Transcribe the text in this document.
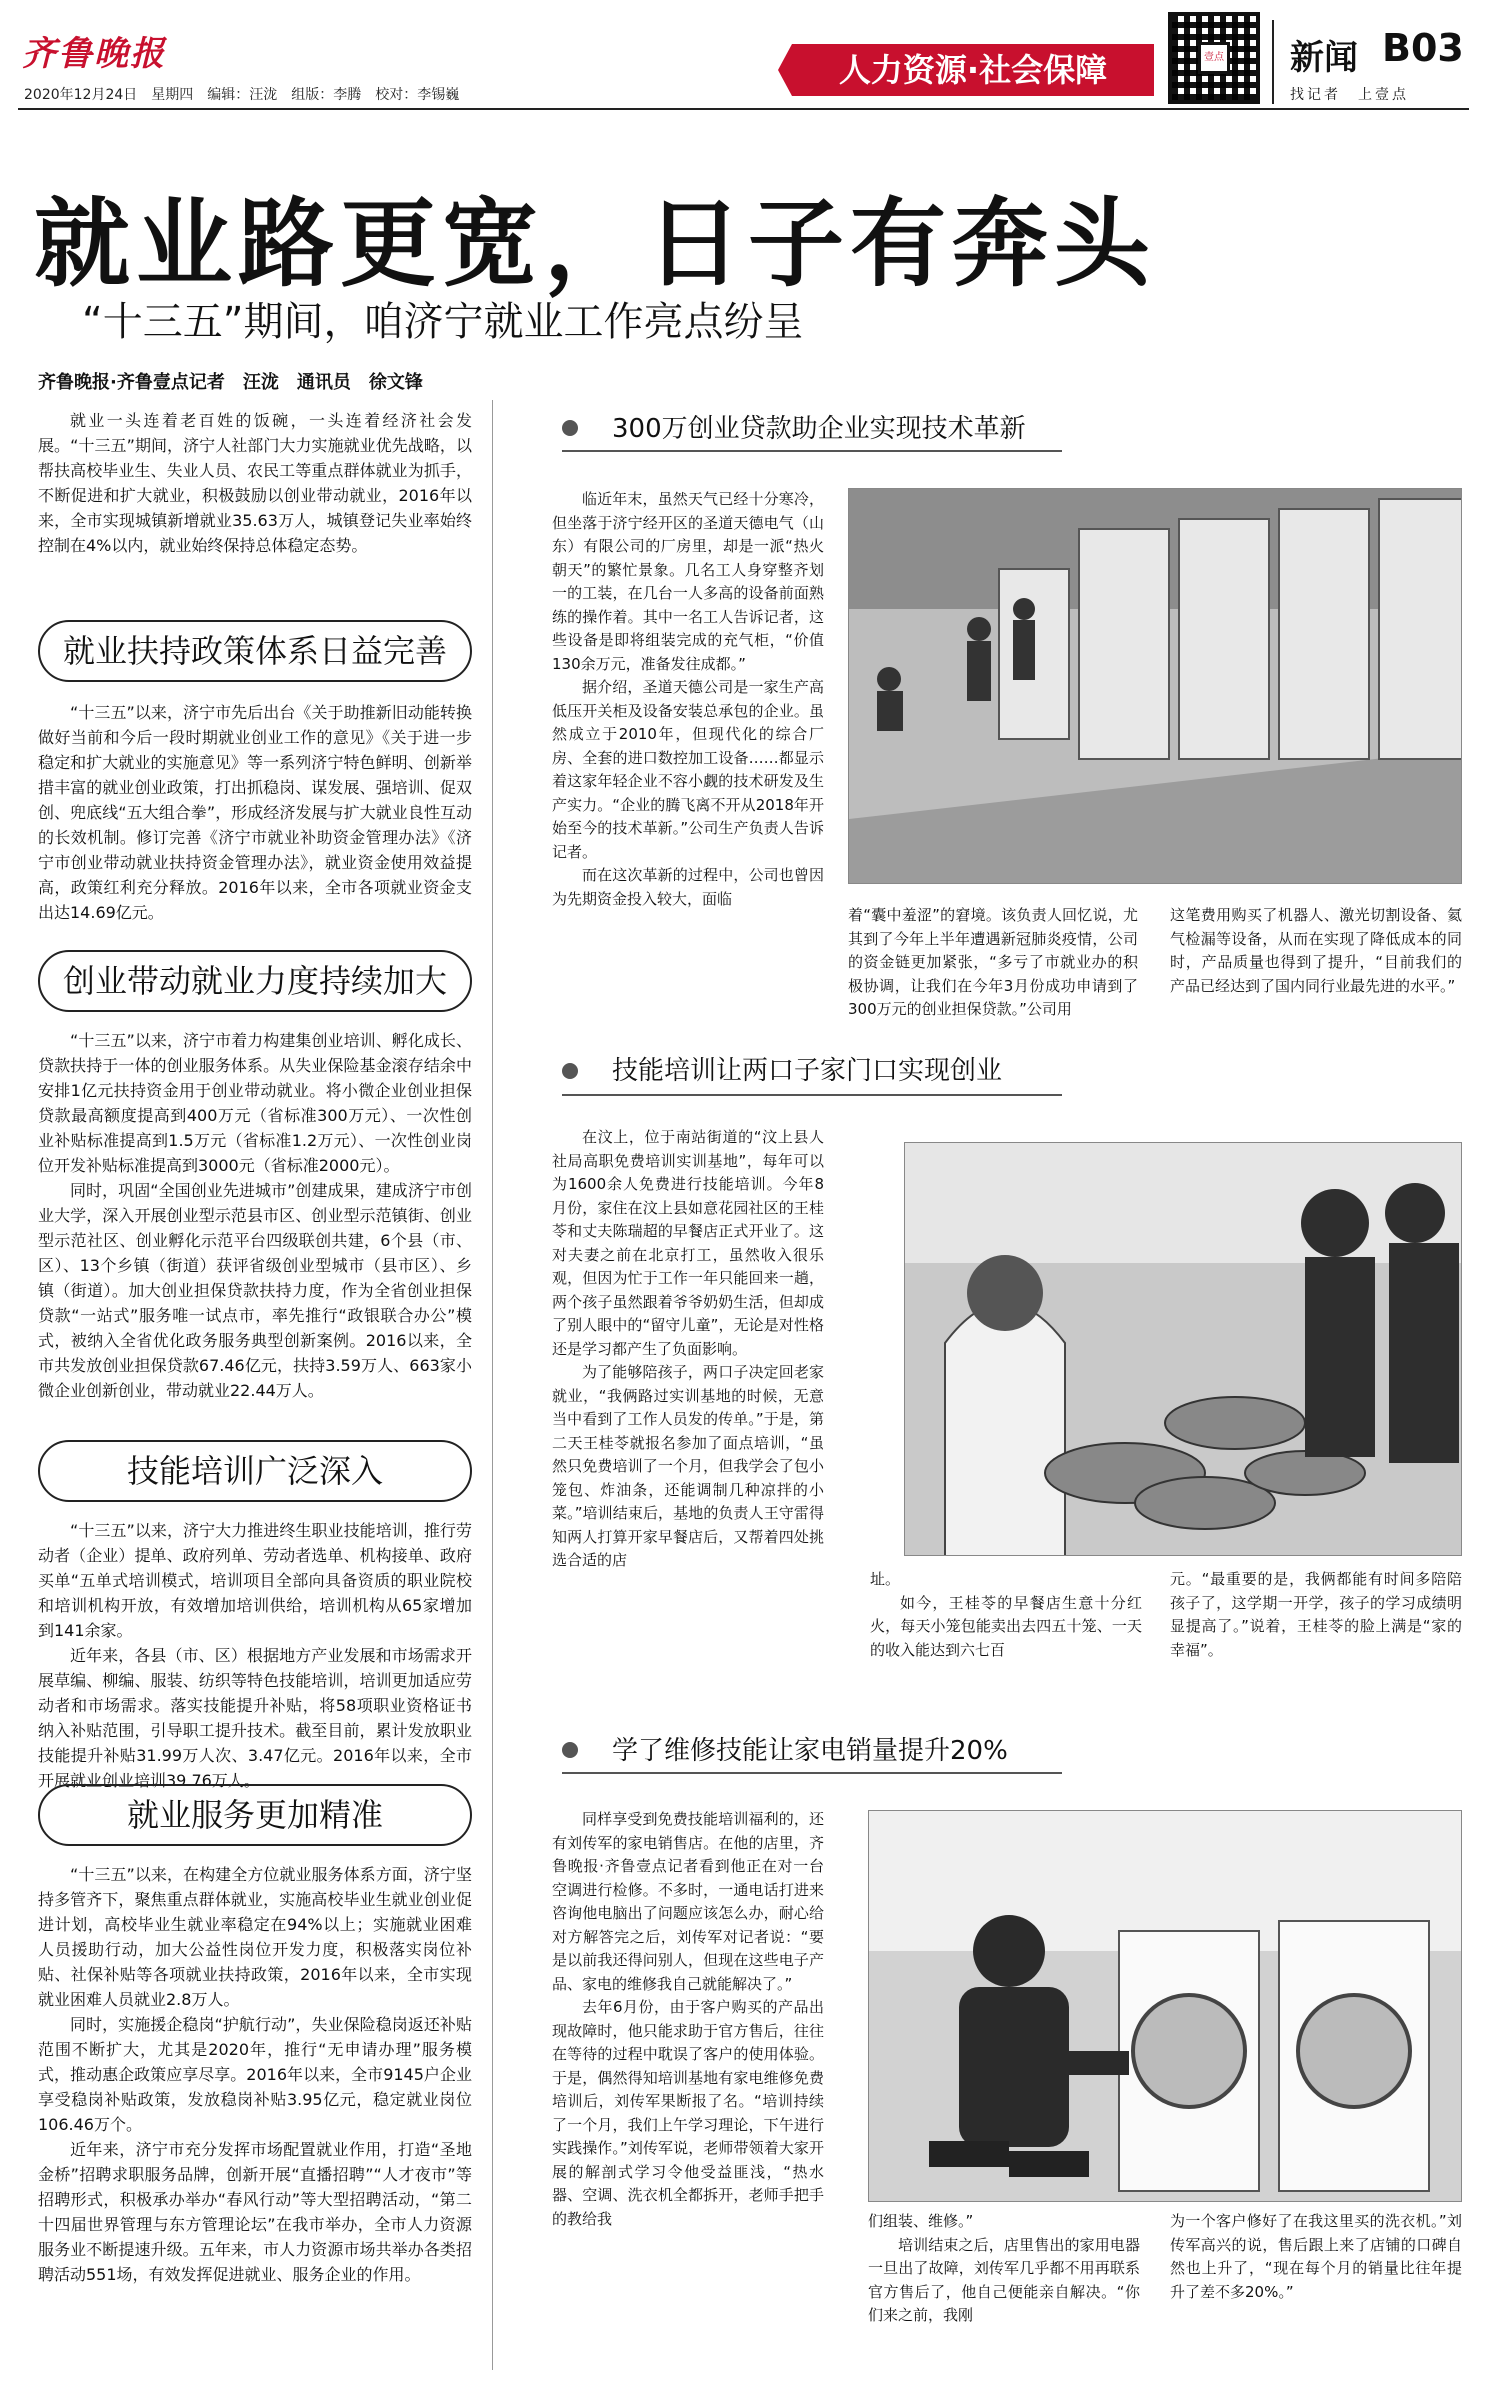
齐鲁晚报
2020年12月24日　星期四　编辑：汪泷　组版：李腾　校对：李锡巍
人力资源·社会保障	壹点 新闻 B03
找记者　上壹点
就业路更宽，日子有奔头
“十三五”期间，咱济宁就业工作亮点纷呈
齐鲁晚报·齐鲁壹点记者　汪泷　通讯员　徐文锋

就业一头连着老百姓的饭碗，一头连着经济社会发展。“十三五”期间，济宁人社部门大力实施就业优先战略，以帮扶高校毕业生、失业人员、农民工等重点群体就业为抓手，不断促进和扩大就业，积极鼓励以创业带动就业，2016年以来，全市实现城镇新增就业35.63万人，城镇登记失业率始终控制在4%以内，就业始终保持总体稳定态势。

就业扶持政策体系日益完善

“十三五”以来，济宁市先后出台《关于助推新旧动能转换做好当前和今后一段时期就业创业工作的意见》《关于进一步稳定和扩大就业的实施意见》等一系列济宁特色鲜明、创新举措丰富的就业创业政策，打出抓稳岗、谋发展、强培训、促双创、兜底线“五大组合拳”，形成经济发展与扩大就业良性互动的长效机制。修订完善《济宁市就业补助资金管理办法》《济宁市创业带动就业扶持资金管理办法》，就业资金使用效益提高，政策红利充分释放。2016年以来，全市各项就业资金支出达14.69亿元。

创业带动就业力度持续加大

“十三五”以来，济宁市着力构建集创业培训、孵化成长、贷款扶持于一体的创业服务体系。从失业保险基金滚存结余中安排1亿元扶持资金用于创业带动就业。将小微企业创业担保贷款最高额度提高到400万元（省标准300万元）、一次性创业补贴标准提高到1.5万元（省标准1.2万元）、一次性创业岗位开发补贴标准提高到3000元（省标准2000元）。

同时，巩固“全国创业先进城市”创建成果，建成济宁市创业大学，深入开展创业型示范县市区、创业型示范镇街、创业型示范社区、创业孵化示范平台四级联创共建，6个县（市、区）、13个乡镇（街道）获评省级创业型城市（县市区）、乡镇（街道）。加大创业担保贷款扶持力度，作为全省创业担保贷款“一站式”服务唯一试点市，率先推行“政银联合办公”模式，被纳入全省优化政务服务典型创新案例。2016以来，全市共发放创业担保贷款67.46亿元，扶持3.59万人、663家小微企业创新创业，带动就业22.44万人。

技能培训广泛深入

“十三五”以来，济宁大力推进终生职业技能培训，推行劳动者（企业）提单、政府列单、劳动者选单、机构接单、政府买单“五单式培训模式，培训项目全部向具备资质的职业院校和培训机构开放，有效增加培训供给，培训机构从65家增加到141余家。

近年来，各县（市、区）根据地方产业发展和市场需求开展草编、柳编、服装、纺织等特色技能培训，培训更加适应劳动者和市场需求。落实技能提升补贴，将58项职业资格证书纳入补贴范围，引导职工提升技术。截至目前，累计发放职业技能提升补贴31.99万人次、3.47亿元。2016年以来，全市开展就业创业培训39.76万人。

就业服务更加精准

“十三五”以来，在构建全方位就业服务体系方面，济宁坚持多管齐下，聚焦重点群体就业，实施高校毕业生就业创业促进计划，高校毕业生就业率稳定在94%以上；实施就业困难人员援助行动，加大公益性岗位开发力度，积极落实岗位补贴、社保补贴等各项就业扶持政策，2016年以来，全市实现就业困难人员就业2.8万人。

同时，实施援企稳岗“护航行动”，失业保险稳岗返还补贴范围不断扩大，尤其是2020年，推行“无申请办理”服务模式，推动惠企政策应享尽享。2016年以来，全市9145户企业享受稳岗补贴政策，发放稳岗补贴3.95亿元，稳定就业岗位106.46万个。

近年来，济宁市充分发挥市场配置就业作用，打造“圣地金桥”招聘求职服务品牌，创新开展“直播招聘”“人才夜市”等招聘形式，积极承办举办“春风行动”等大型招聘活动，“第二十四届世界管理与东方管理论坛”在我市举办，全市人力资源服务业不断提速升级。五年来，市人力资源市场共举办各类招聘活动551场，有效发挥促进就业、服务企业的作用。

300万创业贷款助企业实现技术革新

临近年末，虽然天气已经十分寒冷，但坐落于济宁经开区的圣道天德电气（山东）有限公司的厂房里，却是一派“热火朝天”的繁忙景象。几名工人身穿整齐划一的工装，在几台一人多高的设备前面熟练的操作着。其中一名工人告诉记者，这些设备是即将组装完成的充气柜，“价值130余万元，准备发往成都。”

据介绍，圣道天德公司是一家生产高低压开关柜及设备安装总承包的企业。虽然成立于2010年，但现代化的综合厂房、全套的进口数控加工设备……都显示着这家年轻企业不容小觑的技术研发及生产实力。“企业的腾飞离不开从2018年开始至今的技术革新。”公司生产负责人告诉记者。

而在这次革新的过程中，公司也曾因为先期资金投入较大，面临

着“囊中羞涩”的窘境。该负责人回忆说，尤其到了今年上半年遭遇新冠肺炎疫情，公司的资金链更加紧张，“多亏了市就业办的积极协调，让我们在今年3月份成功申请到了300万元的创业担保贷款。”公司用

这笔费用购买了机器人、激光切割设备、氦气检漏等设备，从而在实现了降低成本的同时，产品质量也得到了提升，“目前我们的产品已经达到了国内同行业最先进的水平。”

技能培训让两口子家门口实现创业

在汶上，位于南站街道的“汶上县人社局高职免费培训实训基地”，每年可以为1600余人免费进行技能培训。今年8月份，家住在汶上县如意花园社区的王桂苓和丈夫陈瑞超的早餐店正式开业了。这对夫妻之前在北京打工，虽然收入很乐观，但因为忙于工作一年只能回来一趟，两个孩子虽然跟着爷爷奶奶生活，但却成了别人眼中的“留守儿童”，无论是对性格还是学习都产生了负面影响。

为了能够陪孩子，两口子决定回老家就业，“我俩路过实训基地的时候，无意当中看到了工作人员发的传单。”于是，第二天王桂苓就报名参加了面点培训，“虽然只免费培训了一个月，但我学会了包小笼包、炸油条，还能调制几种凉拌的小菜。”培训结束后，基地的负责人王守雷得知两人打算开家早餐店后，又帮着四处挑选合适的店

址。

如今，王桂苓的早餐店生意十分红火，每天小笼包能卖出去四五十笼、一天的收入能达到六七百

元。“最重要的是，我俩都能有时间多陪陪孩子了，这学期一开学，孩子的学习成绩明显提高了。”说着，王桂苓的脸上满是“家的幸福”。

学了维修技能让家电销量提升20%

同样享受到免费技能培训福利的，还有刘传军的家电销售店。在他的店里，齐鲁晚报·齐鲁壹点记者看到他正在对一台空调进行检修。不多时，一通电话打进来咨询他电脑出了问题应该怎么办，耐心给对方解答完之后，刘传军对记者说：“要是以前我还得问别人，但现在这些电子产品、家电的维修我自己就能解决了。”

去年6月份，由于客户购买的产品出现故障时，他只能求助于官方售后，往往在等待的过程中耽误了客户的使用体验。于是，偶然得知培训基地有家电维修免费培训后，刘传军果断报了名。“培训持续了一个月，我们上午学习理论，下午进行实践操作。”刘传军说，老师带领着大家开展的解剖式学习令他受益匪浅，“热水器、空调、洗衣机全都拆开，老师手把手的教给我	们组装、维修。”

培训结束之后，店里售出的家用电器一旦出了故障，刘传军几乎都不用再联系官方售后了，他自己便能亲自解决。“你们来之前，我刚

为一个客户修好了在我这里买的洗衣机。”刘传军高兴的说，售后跟上来了店铺的口碑自然也上升了，“现在每个月的销量比往年提升了差不多20%。”
